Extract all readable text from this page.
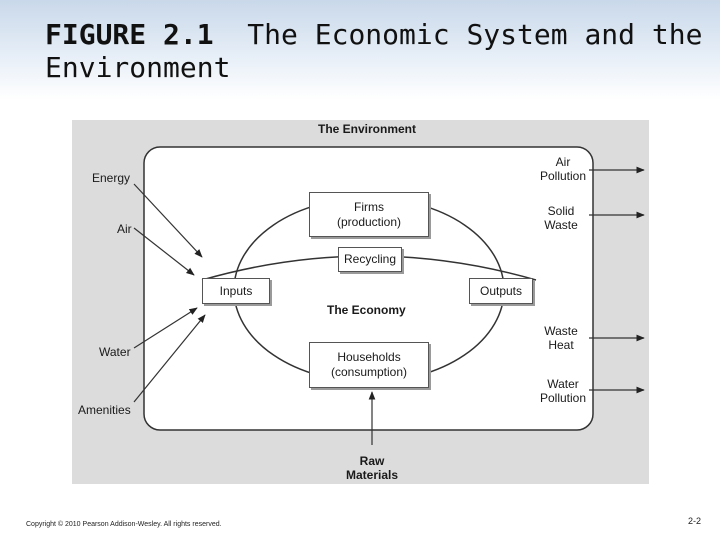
FIGURE 2.1 The Economic System and the Environment
The Environment
Energy
Air
Water
Amenities
Firms
(production)
Recycling
Inputs	Outputs
The Economy
Households
(consumption)
Air
Pollution
Solid
Waste
Waste
Heat
Water
Pollution
Raw
Materials
Copyright © 2010 Pearson Addison-Wesley. All rights reserved.	2-2
